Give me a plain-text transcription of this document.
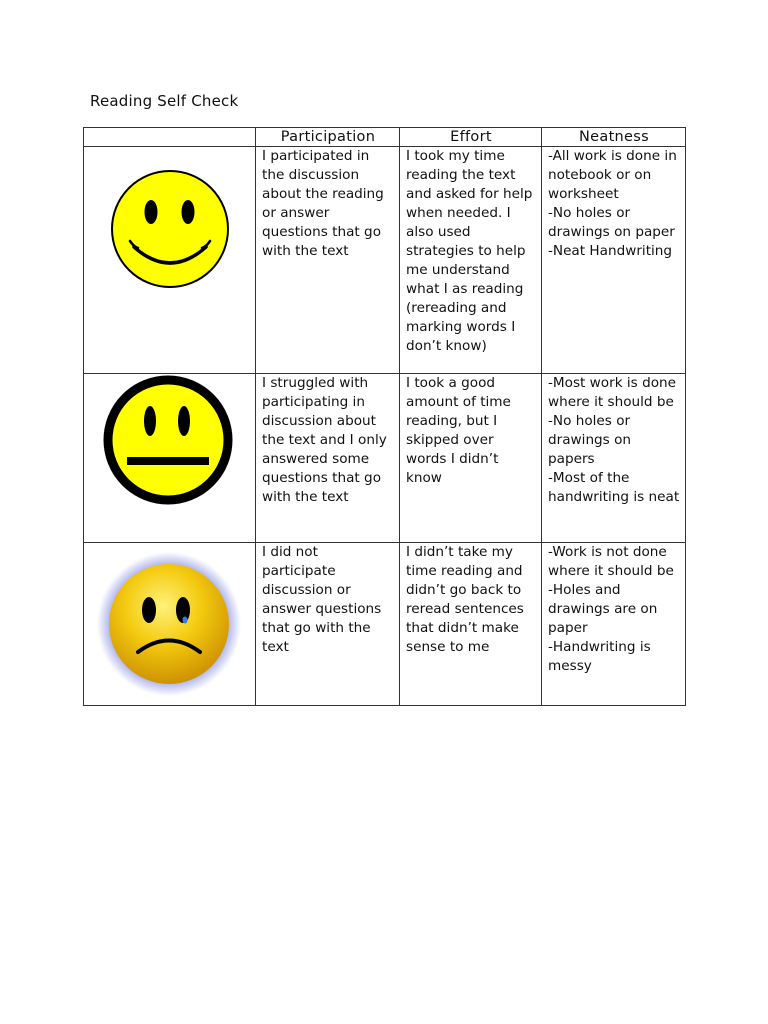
Reading Self Check
	Participation	Effort	Neatness

I participated in the discussion about the reading or answer questions that go with the text	I took my time reading the text and asked for help when needed. I also used strategies to help me understand what I as reading (rereading and marking words I don’t know)	-All work is done in notebook or on worksheet
-No holes or drawings on paper
-Neat Handwriting

I struggled with participating in discussion about the text and I only answered some questions that go with the text	I took a good amount of time reading, but I skipped over words I didn’t know	-Most work is done where it should be
-No holes or drawings on papers
-Most of the handwriting is neat

I did not participate discussion or answer questions that go with the text	I didn’t take my time reading and didn’t go back to reread sentences that didn’t make sense to me	-Work is not done where it should be
-Holes and drawings are on paper
-Handwriting is messy
